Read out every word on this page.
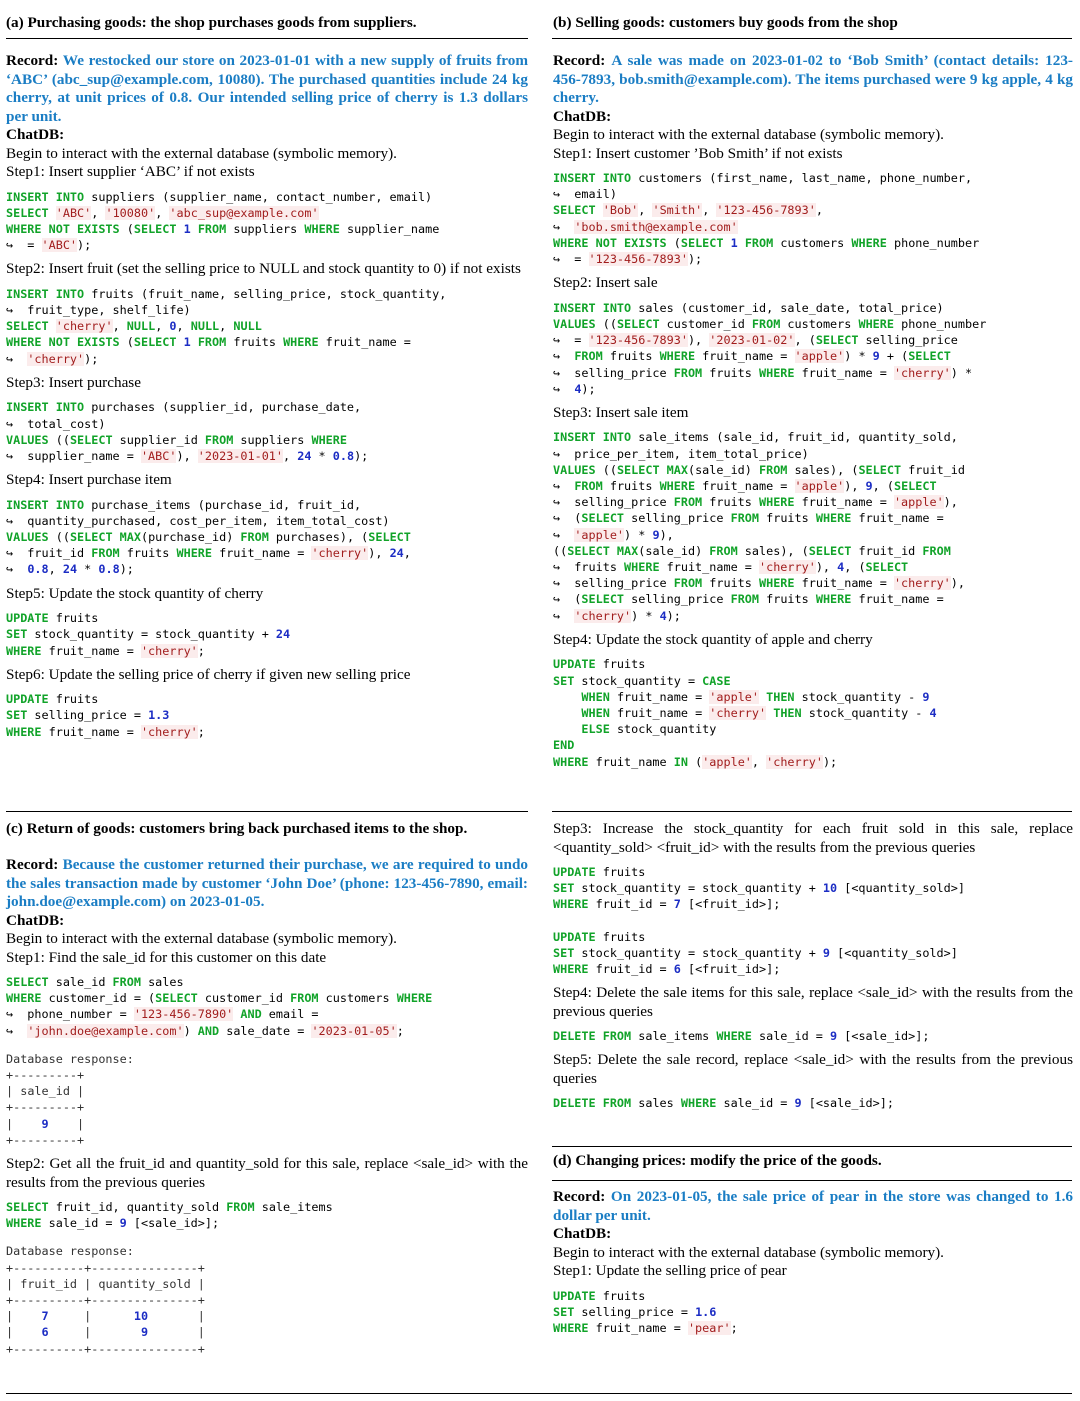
(a) Purchasing goods: the shop purchases goods from suppliers.
Record: We restocked our store on 2023-01-01 with a new supply of fruits from ‘ABC’ (abc_sup@example.com, 10080). The purchased quantities include 24 kg cherry, at unit prices of 0.8. Our intended selling price of cherry is 1.3 dollars per unit.
ChatDB:
Begin to interact with the external database (symbolic memory).
Step1: Insert supplier ‘ABC’ if not exists
INSERT INTO suppliers (supplier_name, contact_number, email)
SELECT 'ABC', '10080', 'abc_sup@example.com'
WHERE NOT EXISTS (SELECT 1 FROM suppliers WHERE supplier_name
↪  = 'ABC');
Step2: Insert fruit (set the selling price to NULL and stock quantity to 0) if not exists
INSERT INTO fruits (fruit_name, selling_price, stock_quantity,
↪  fruit_type, shelf_life)
SELECT 'cherry', NULL, 0, NULL, NULL
WHERE NOT EXISTS (SELECT 1 FROM fruits WHERE fruit_name =
↪  'cherry');
Step3: Insert purchase
INSERT INTO purchases (supplier_id, purchase_date,
↪  total_cost)
VALUES ((SELECT supplier_id FROM suppliers WHERE
↪  supplier_name = 'ABC'), '2023-01-01', 24 * 0.8);
Step4: Insert purchase item
INSERT INTO purchase_items (purchase_id, fruit_id,
↪  quantity_purchased, cost_per_item, item_total_cost)
VALUES ((SELECT MAX(purchase_id) FROM purchases), (SELECT
↪  fruit_id FROM fruits WHERE fruit_name = 'cherry'), 24,
↪  0.8, 24 * 0.8);
Step5: Update the stock quantity of cherry
UPDATE fruits
SET stock_quantity = stock_quantity + 24
WHERE fruit_name = 'cherry';
Step6: Update the selling price of cherry if given new selling price
UPDATE fruits
SET selling_price = 1.3
WHERE fruit_name = 'cherry';
(b) Selling goods: customers buy goods from the shop
Record: A sale was made on 2023-01-02 to ‘Bob Smith’ (contact details: 123-456-7893, bob.smith@example.com). The items purchased were 9 kg apple, 4 kg cherry.
ChatDB:
Begin to interact with the external database (symbolic memory).
Step1: Insert customer ’Bob Smith’ if not exists
INSERT INTO customers (first_name, last_name, phone_number,
↪  email)
SELECT 'Bob', 'Smith', '123-456-7893',
↪  'bob.smith@example.com'
WHERE NOT EXISTS (SELECT 1 FROM customers WHERE phone_number
↪  = '123-456-7893');
Step2: Insert sale
INSERT INTO sales (customer_id, sale_date, total_price)
VALUES ((SELECT customer_id FROM customers WHERE phone_number
↪  = '123-456-7893'), '2023-01-02', (SELECT selling_price
↪  FROM fruits WHERE fruit_name = 'apple') * 9 + (SELECT
↪  selling_price FROM fruits WHERE fruit_name = 'cherry') *
↪  4);
Step3: Insert sale item
INSERT INTO sale_items (sale_id, fruit_id, quantity_sold,
↪  price_per_item, item_total_price)
VALUES ((SELECT MAX(sale_id) FROM sales), (SELECT fruit_id
↪  FROM fruits WHERE fruit_name = 'apple'), 9, (SELECT
↪  selling_price FROM fruits WHERE fruit_name = 'apple'),
↪  (SELECT selling_price FROM fruits WHERE fruit_name =
↪  'apple') * 9),
((SELECT MAX(sale_id) FROM sales), (SELECT fruit_id FROM
↪  fruits WHERE fruit_name = 'cherry'), 4, (SELECT
↪  selling_price FROM fruits WHERE fruit_name = 'cherry'),
↪  (SELECT selling_price FROM fruits WHERE fruit_name =
↪  'cherry') * 4);
Step4: Update the stock quantity of apple and cherry
UPDATE fruits
SET stock_quantity = CASE
WHEN fruit_name = 'apple' THEN stock_quantity - 9
WHEN fruit_name = 'cherry' THEN stock_quantity - 4
ELSE stock_quantity
END
WHERE fruit_name IN ('apple', 'cherry');
(c) Return of goods: customers bring back purchased items to the shop.
Record: Because the customer returned their purchase, we are required to undo the sales transaction made by customer ‘John Doe’ (phone: 123-456-7890, email: john.doe@example.com) on 2023-01-05.
ChatDB:
Begin to interact with the external database (symbolic memory).
Step1: Find the sale_id for this customer on this date
SELECT sale_id FROM sales
WHERE customer_id = (SELECT customer_id FROM customers WHERE
↪  phone_number = '123-456-7890' AND email =
↪  'john.doe@example.com') AND sale_date = '2023-01-05';
Database response:
+---------+
| sale_id |
+---------+
|    9    |
+---------+
Step2: Get all the fruit_id and quantity_sold for this sale, replace <sale_id> with the results from the previous queries
SELECT fruit_id, quantity_sold FROM sale_items
WHERE sale_id = 9 [<sale_id>];
Database response:
+----------+---------------+
| fruit_id | quantity_sold |
+----------+---------------+
|    7     |      10       |
|    6     |       9       |
+----------+---------------+
Step3: Increase the stock_quantity for each fruit sold in this sale, replace <quantity_sold> <fruit_id> with the results from the previous queries
UPDATE fruits
SET stock_quantity = stock_quantity + 10 [<quantity_sold>]
WHERE fruit_id = 7 [<fruit_id>];
UPDATE fruits
SET stock_quantity = stock_quantity + 9 [<quantity_sold>]
WHERE fruit_id = 6 [<fruit_id>];
Step4: Delete the sale items for this sale, replace <sale_id> with the results from the previous queries
DELETE FROM sale_items WHERE sale_id = 9 [<sale_id>];
Step5: Delete the sale record, replace <sale_id> with the results from the previous queries
DELETE FROM sales WHERE sale_id = 9 [<sale_id>];
(d) Changing prices: modify the price of the goods.
Record: On 2023-01-05, the sale price of pear in the store was changed to 1.6 dollar per unit.
ChatDB:
Begin to interact with the external database (symbolic memory).
Step1: Update the selling price of pear
UPDATE fruits
SET selling_price = 1.6
WHERE fruit_name = 'pear';
